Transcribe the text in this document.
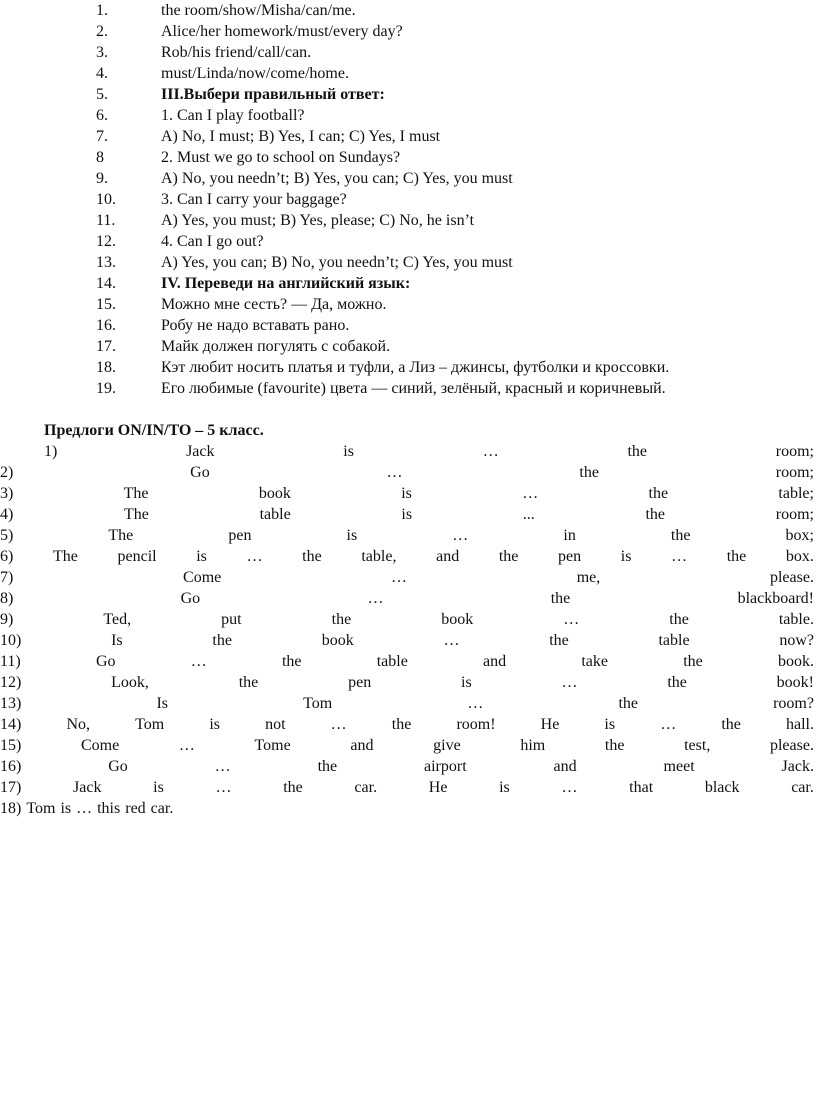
1.	the room/show/Misha/can/me.
2.	Alice/her homework/must/every day?
3.	Rob/his friend/call/can.
4.	must/Linda/now/come/home.
5.	III.Выбери правильный ответ:
6.	1. Can I play football?
7.	A) No, I must; B) Yes, I can; C) Yes, I must
8	2. Must we go to school on Sundays?
9.	A) No, you needn’t; B) Yes, you can; C) Yes, you must
10.	3. Can I carry your baggage?
11.	A) Yes, you must; B) Yes, please; C) No, he isn’t
12.	4. Can I go out?
13.	A) Yes, you can; B) No, you needn’t; C) Yes, you must
14.	IV. Переведи на английский язык:
15.	Можно мне сесть? — Да, можно.
16.	Робу не надо вставать рано.
17.	Майк должен погулять с собакой.
18.	Кэт любит носить платья и туфли, а Лиз – джинсы, футболки и кроссовки.
19.	Его любимые (favourite) цвета — синий, зелёный, красный и коричневый.
Предлоги ON/IN/TO – 5 класс.
1)	Jack	is	…	the	room;
2)	Go	…	the	room;
3)	The	book	is	…	the	table;
4)	The	table	is	...	the	room;
5)	The	pen	is	…	in	the	box;
6) The pencil is … the table, and the pen is … the box.
7)	Come	…	me,	please.
8)	Go	…	the	blackboard!
9)	Ted,	put	the	book	…	the	table.
10)	Is	the	book	…	the	table	now?
11)	Go	…	the	table	and	take	the	book.
12)	Look,	the	pen	is	…	the	book!
13)	Is	Tom	…	the	room?
14)	No,	Tom	is	not	…	the	room!	He	is	…	the	hall.
15)	Come	…	Tome	and	give	him	the	test,	please.
16)	Go	…	the	airport	and	meet	Jack.
17)	Jack	is	…	the	car.	He	is	…	that	black	car.
18) Tom is … this red car.
